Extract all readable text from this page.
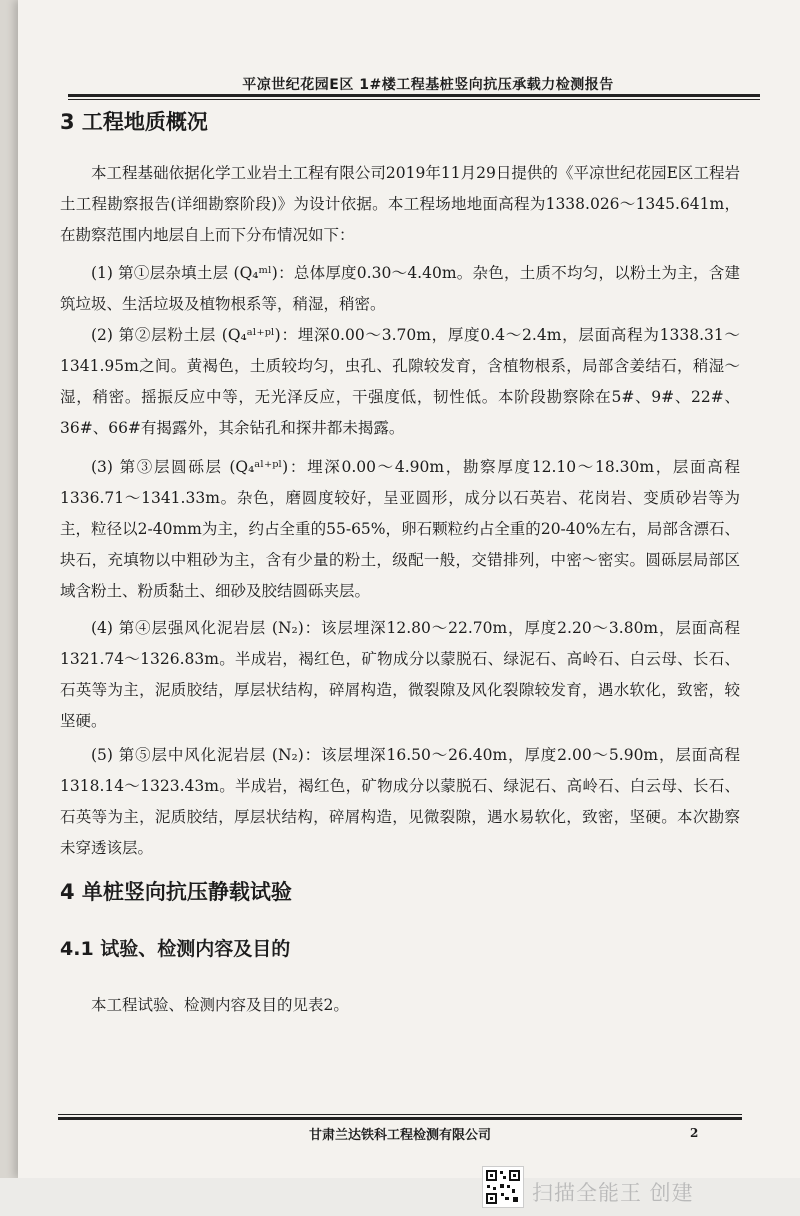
平凉世纪花园E区 1#楼工程基桩竖向抗压承载力检测报告
3 工程地质概况

本工程基础依据化学工业岩土工程有限公司2019年11月29日提供的《平凉世纪花园E区工程岩土工程勘察报告(详细勘察阶段)》为设计依据。本工程场地地面高程为1338.026～1345.641m，在勘察范围内地层自上而下分布情况如下：

(1) 第①层杂填土层 (Q₄ᵐˡ)：总体厚度0.30～4.40m。杂色，土质不均匀，以粉土为主，含建筑垃圾、生活垃圾及植物根系等，稍湿，稍密。

(2) 第②层粉土层 (Q₄ᵃˡ⁺ᵖˡ)：埋深0.00～3.70m，厚度0.4～2.4m，层面高程为1338.31～1341.95m之间。黄褐色，土质较均匀，虫孔、孔隙较发育，含植物根系，局部含姜结石，稍湿～湿，稍密。摇振反应中等，无光泽反应，干强度低，韧性低。本阶段勘察除在5#、9#、22#、36#、66#有揭露外，其余钻孔和探井都未揭露。

(3) 第③层圆砾层 (Q₄ᵃˡ⁺ᵖˡ)：埋深0.00～4.90m，勘察厚度12.10～18.30m，层面高程1336.71～1341.33m。杂色，磨圆度较好，呈亚圆形，成分以石英岩、花岗岩、变质砂岩等为主，粒径以2-40mm为主，约占全重的55-65%，卵石颗粒约占全重的20-40%左右，局部含漂石、块石，充填物以中粗砂为主，含有少量的粉土，级配一般，交错排列，中密～密实。圆砾层局部区域含粉土、粉质黏土、细砂及胶结圆砾夹层。

(4) 第④层强风化泥岩层 (N₂)：该层埋深12.80～22.70m，厚度2.20～3.80m，层面高程1321.74～1326.83m。半成岩，褐红色，矿物成分以蒙脱石、绿泥石、高岭石、白云母、长石、石英等为主，泥质胶结，厚层状结构，碎屑构造，微裂隙及风化裂隙较发育，遇水软化，致密，较坚硬。

(5) 第⑤层中风化泥岩层 (N₂)：该层埋深16.50～26.40m，厚度2.00～5.90m，层面高程1318.14～1323.43m。半成岩，褐红色，矿物成分以蒙脱石、绿泥石、高岭石、白云母、长石、石英等为主，泥质胶结，厚层状结构，碎屑构造，见微裂隙，遇水易软化，致密，坚硬。本次勘察未穿透该层。

4 单桩竖向抗压静载试验
4.1 试验、检测内容及目的

本工程试验、检测内容及目的见表2。

甘肃兰达铁科工程检测有限公司	2
扫描全能王 创建
